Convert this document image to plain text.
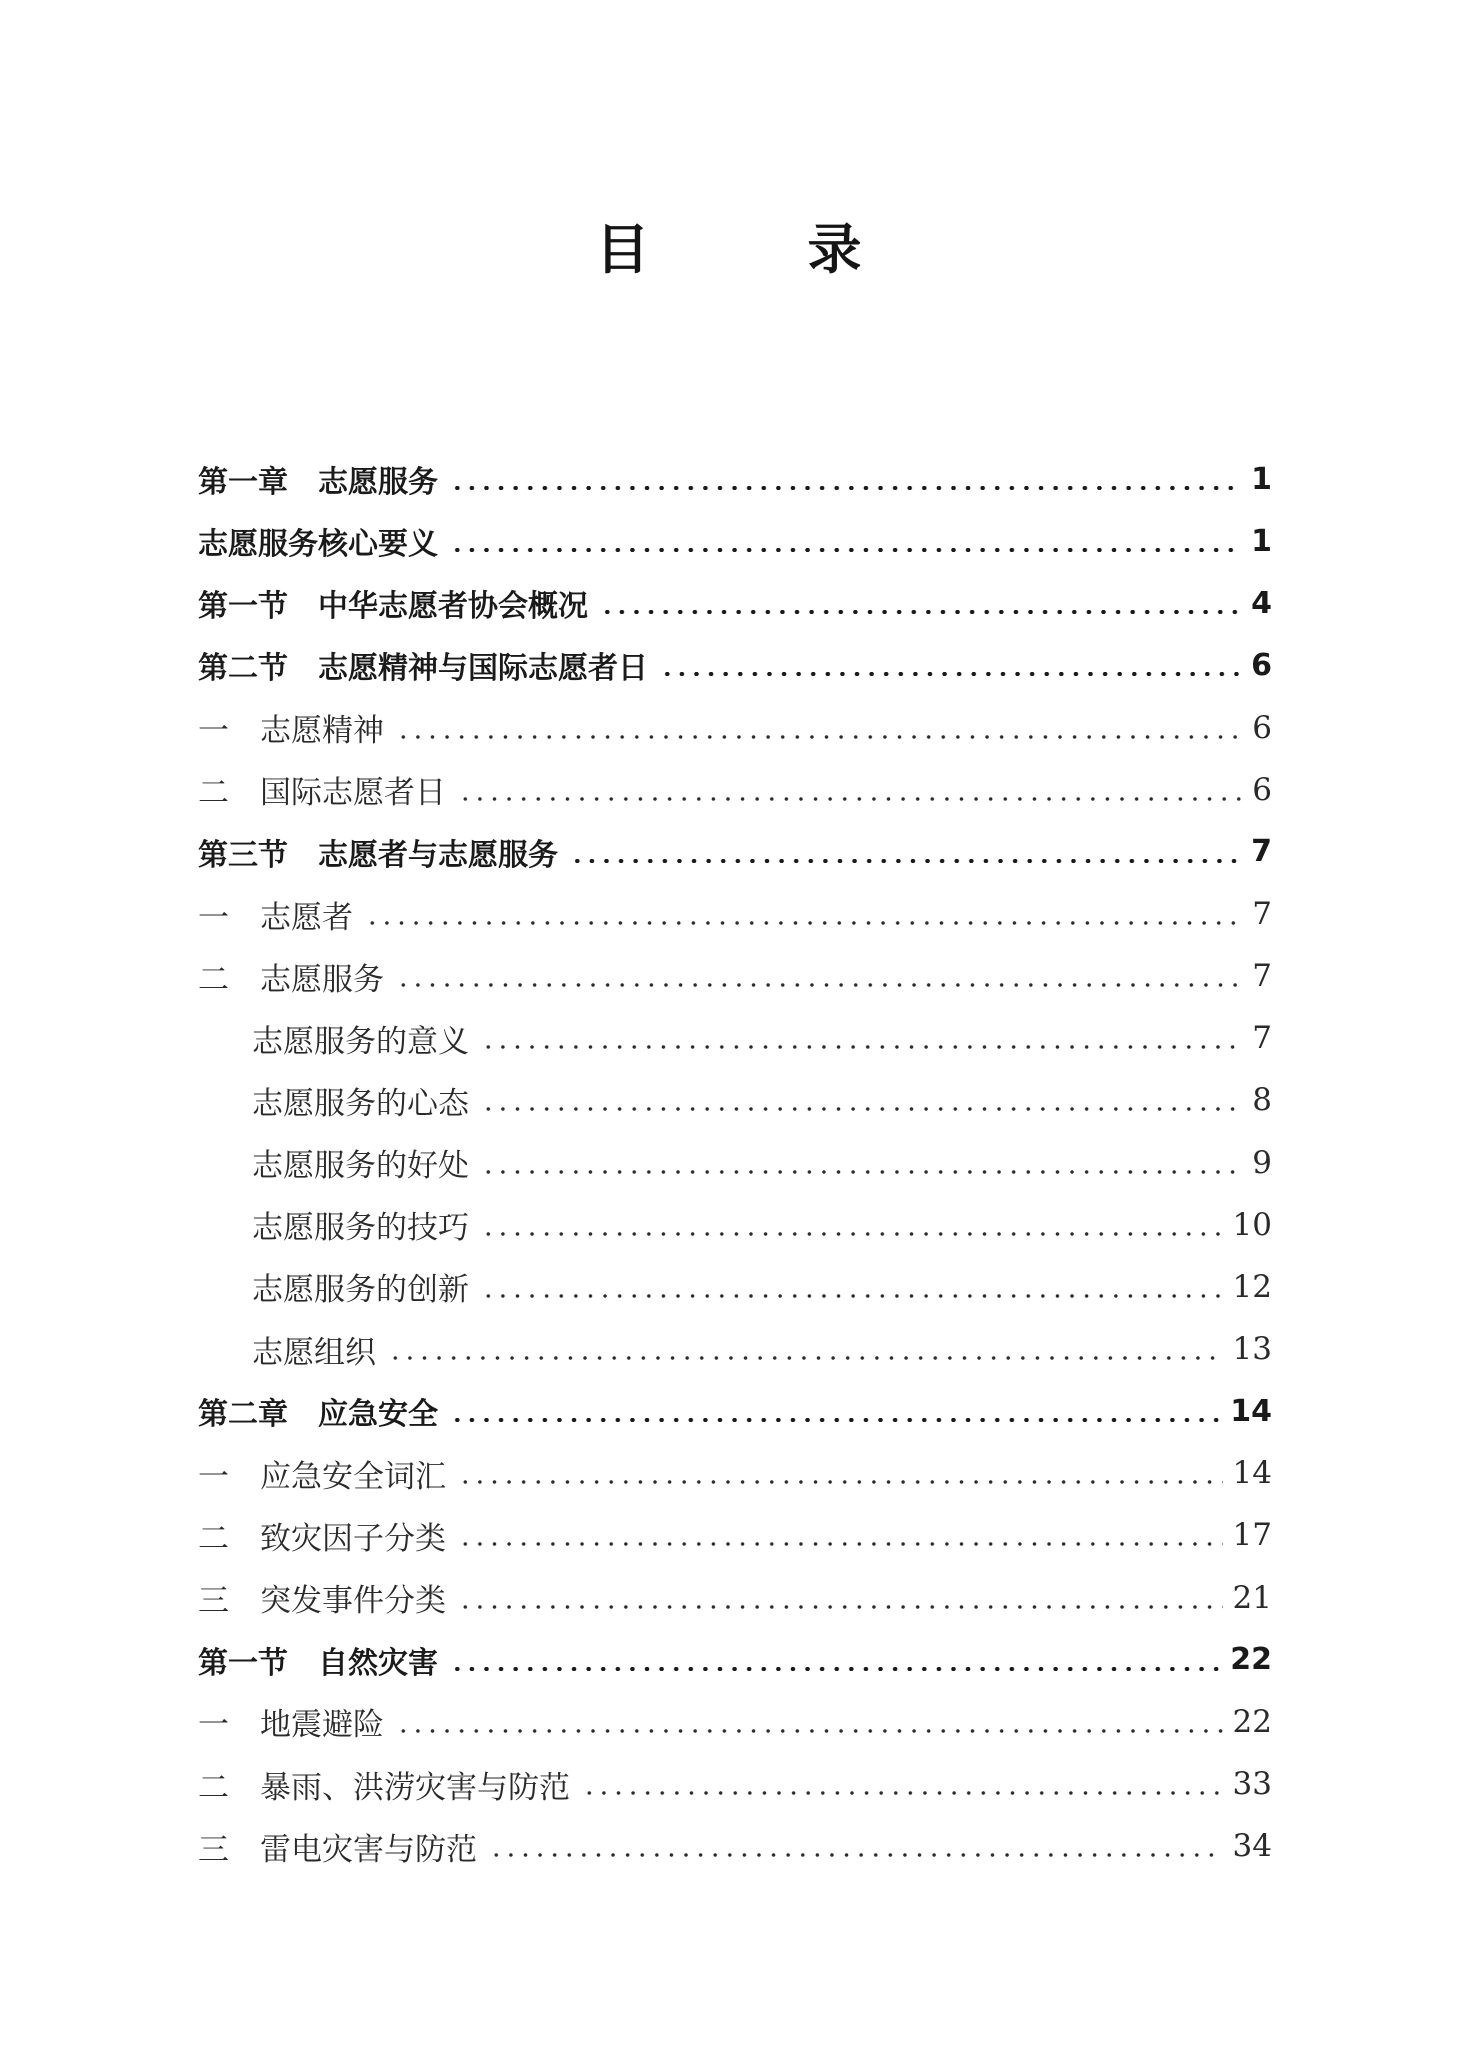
目　录
第一章　志愿服务	1
志愿服务核心要义	1
第一节　中华志愿者协会概况	4
第二节　志愿精神与国际志愿者日	6
一　志愿精神	6
二　国际志愿者日	6
第三节　志愿者与志愿服务	7
一　志愿者	7
二　志愿服务	7
志愿服务的意义	7
志愿服务的心态	8
志愿服务的好处	9
志愿服务的技巧	10
志愿服务的创新	12
志愿组织	13
第二章　应急安全	14
一　应急安全词汇	14
二　致灾因子分类	17
三　突发事件分类	21
第一节　自然灾害	22
一　地震避险	22
二　暴雨、洪涝灾害与防范	33
三　雷电灾害与防范	34
